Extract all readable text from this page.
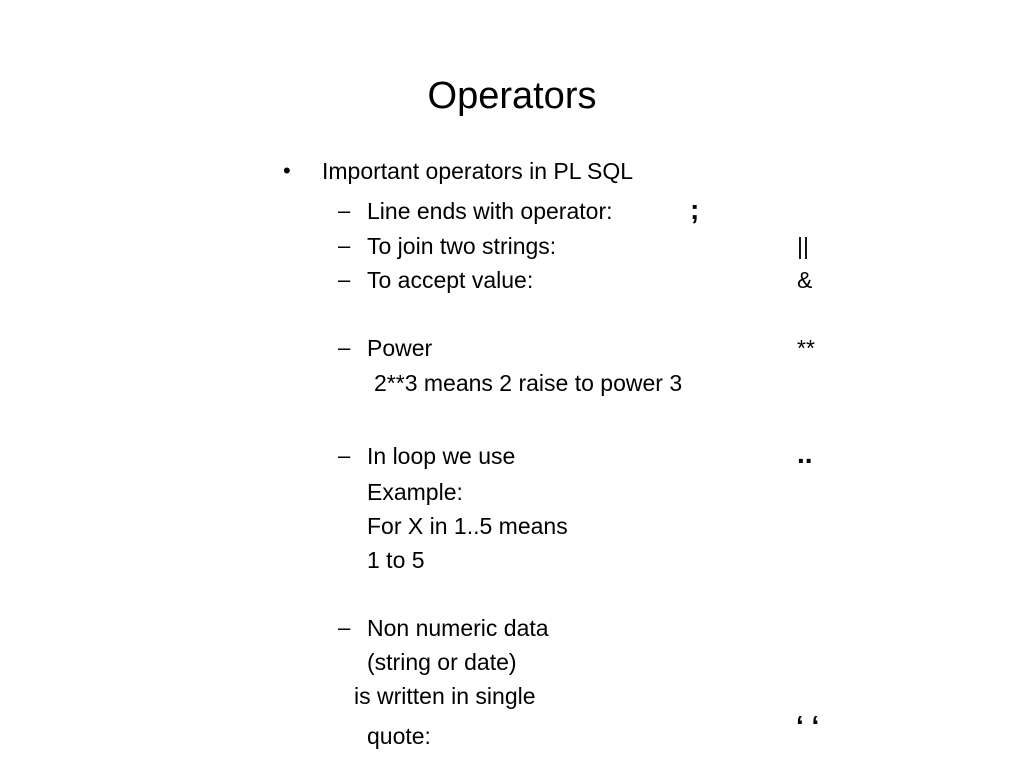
Operators
• Important operators in PL SQL
– Line ends with operator:	;
– To join two strings:	||
– To accept value:	&
– Power	**
2**3 means 2 raise to power 3
– In loop we use	..
Example:
For X in 1..5 means
1 to 5
– Non numeric data
(string or date)
is written in single
quote:	‘ ‘
